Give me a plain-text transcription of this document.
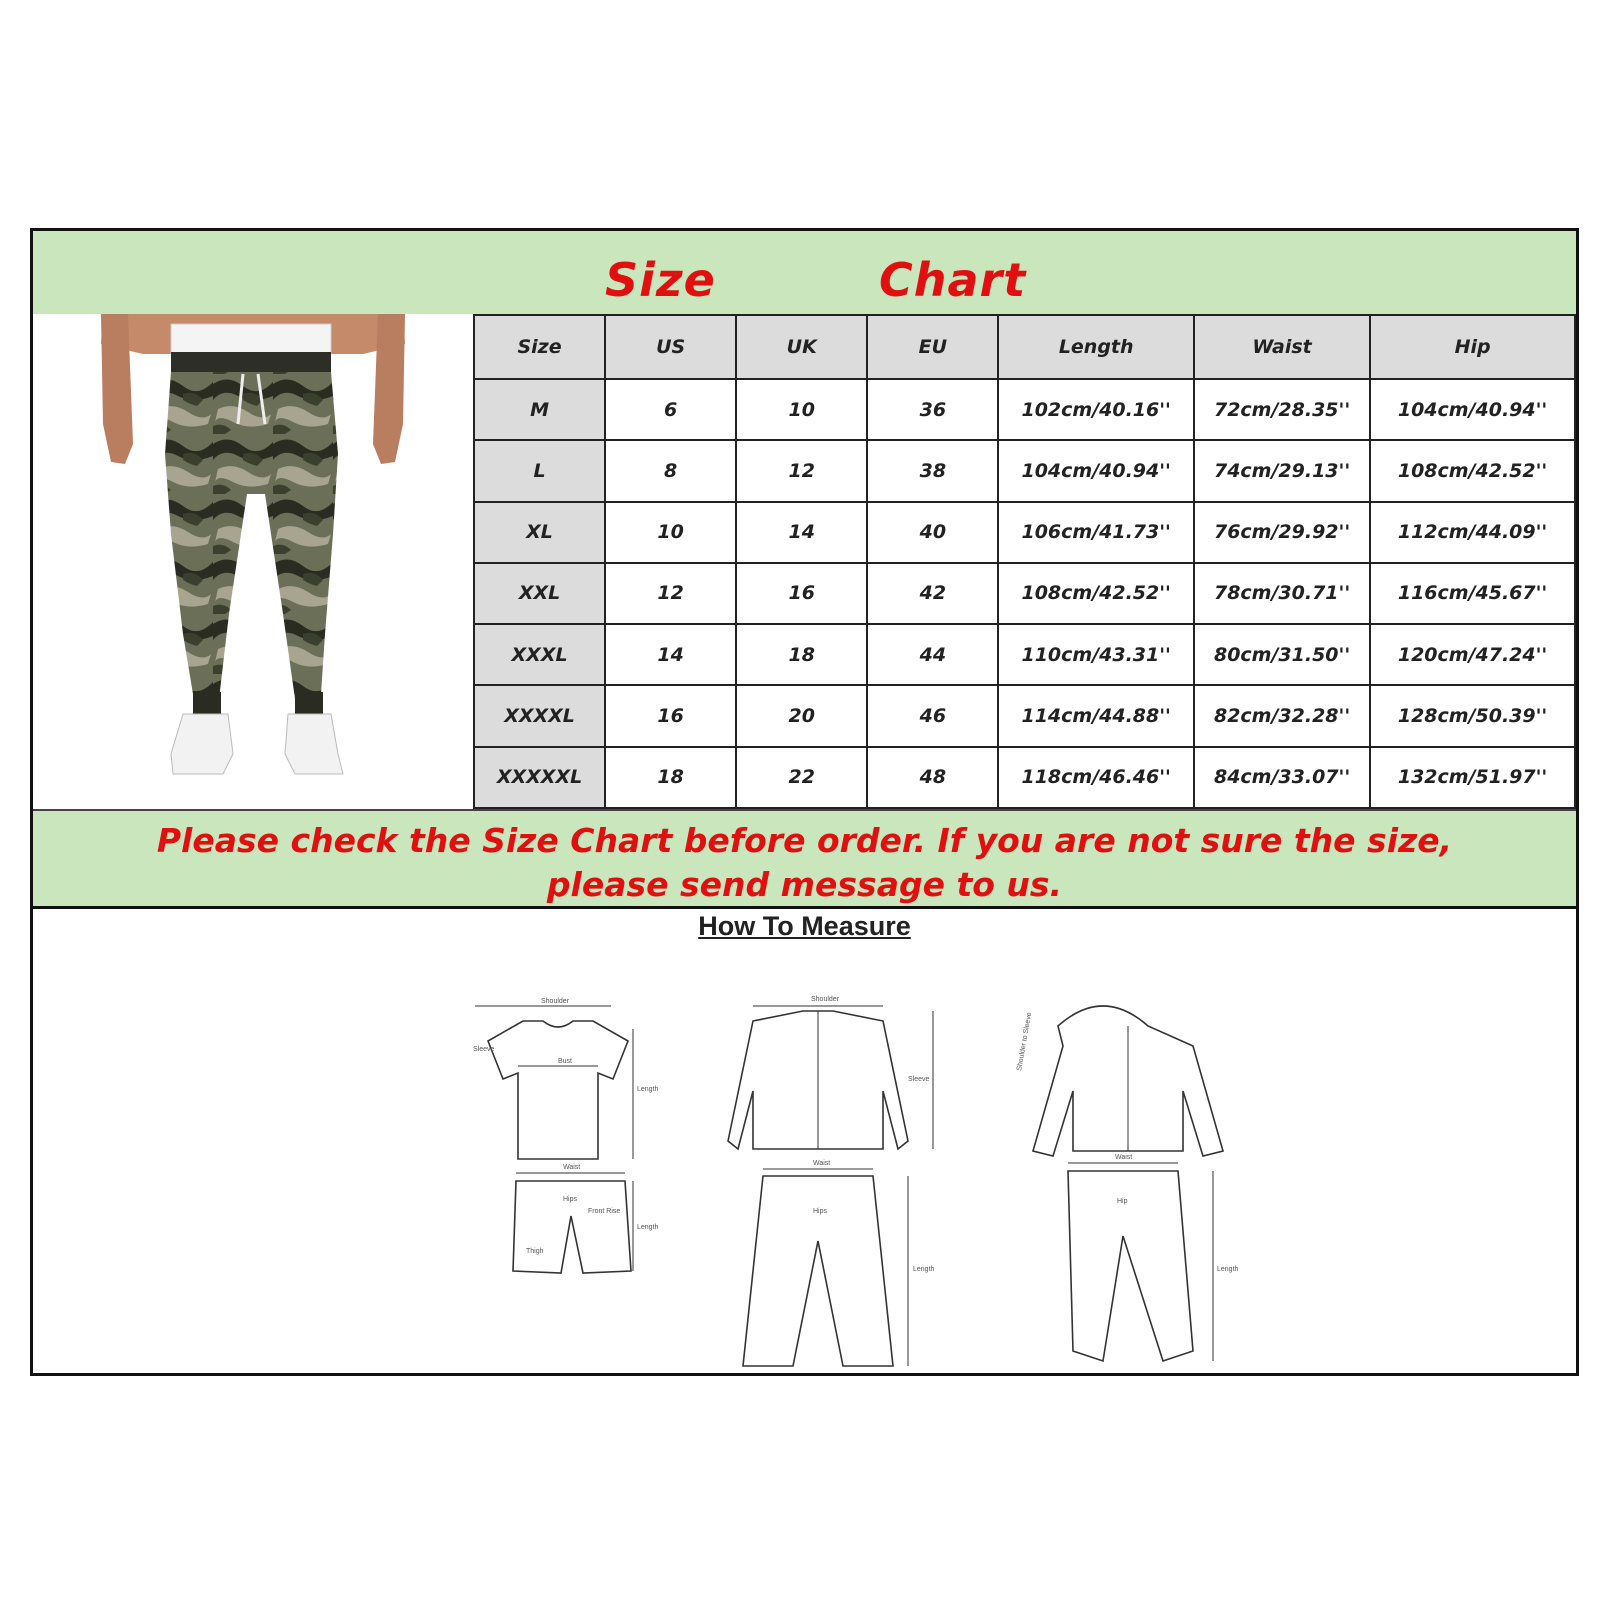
Size	Chart
Size	US	UK	EU	Length	Waist	Hip
M	6	10	36	102cm/40.16''	72cm/28.35''	104cm/40.94''
L	8	12	38	104cm/40.94''	74cm/29.13''	108cm/42.52''
XL	10	14	40	106cm/41.73''	76cm/29.92''	112cm/44.09''
XXL	12	16	42	108cm/42.52''	78cm/30.71''	116cm/45.67''
XXXL	14	18	44	110cm/43.31''	80cm/31.50''	120cm/47.24''
XXXXL	16	20	46	114cm/44.88''	82cm/32.28''	128cm/50.39''
XXXXXL	18	22	48	118cm/46.46''	84cm/33.07''	132cm/51.97''
Please check the Size Chart before order. If you are not sure the size,
please send message to us.
How To Measure
Shoulder
Bust
Length
Sleeve
Waist
Hips
Front Rise
Thigh
Length
Shoulder
Sleeve
Waist
Hips
Length
Shoulder to Sleeve
Waist
Hip
Length
